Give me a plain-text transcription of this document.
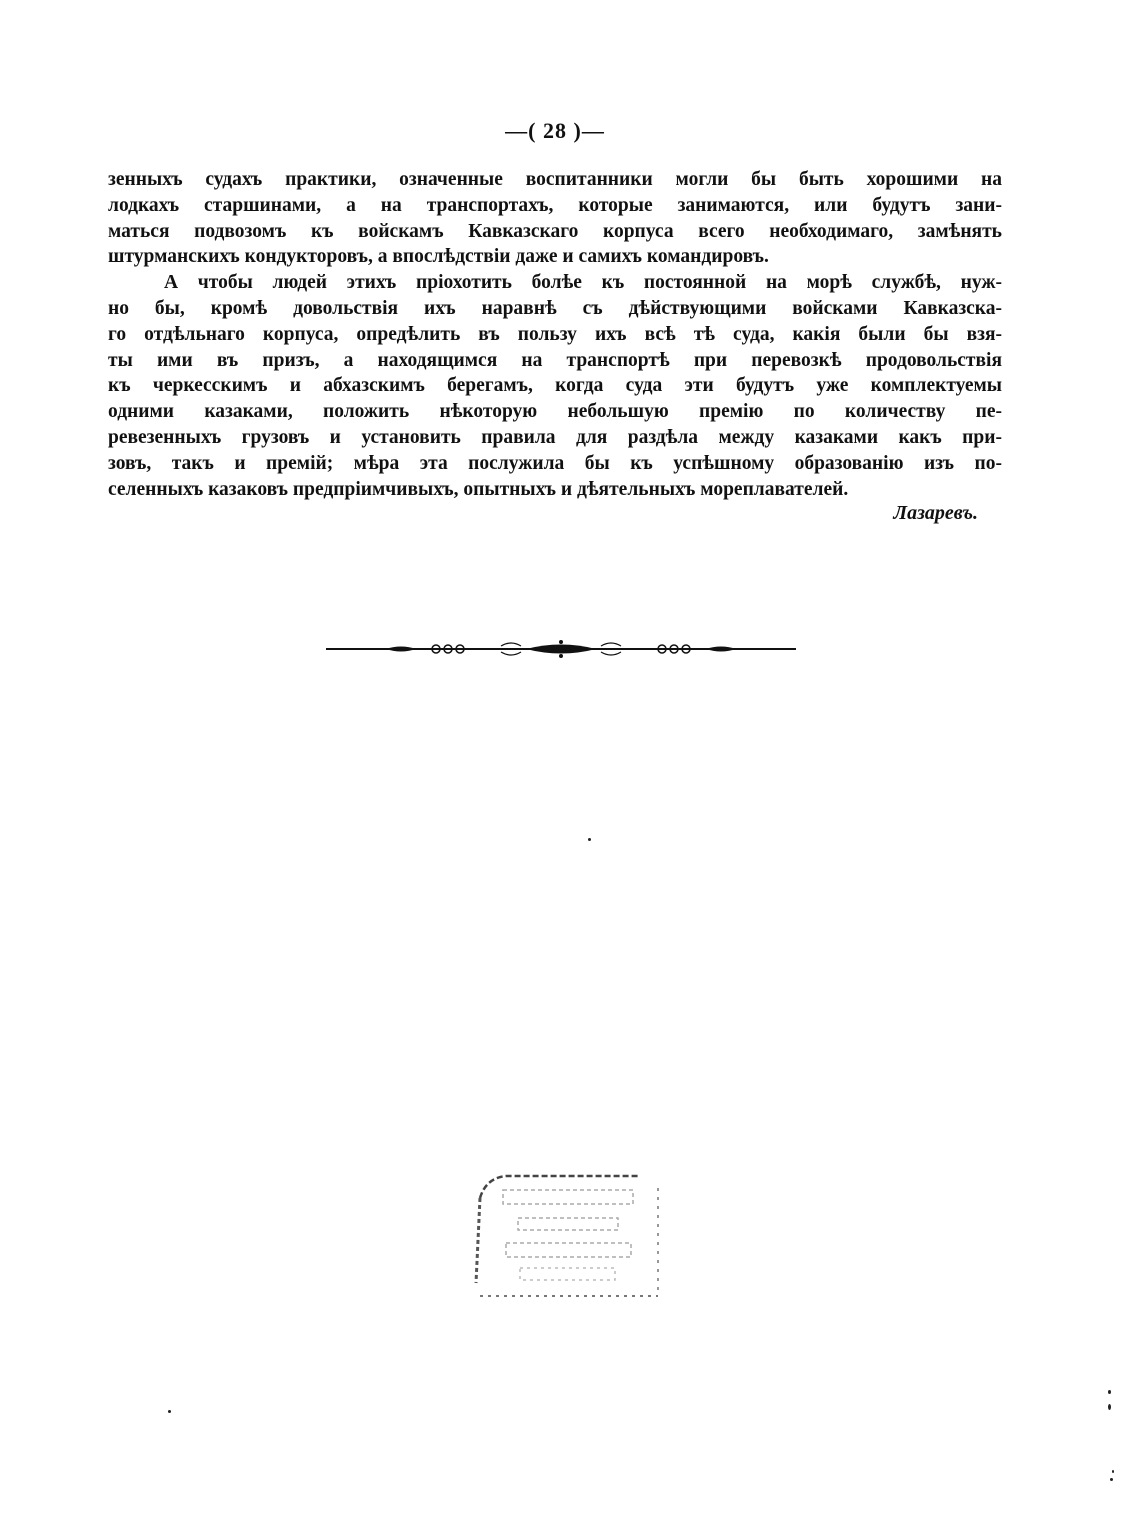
—( 28 )—
зенныхъ судахъ практики, означенные воспитанники могли бы быть хорошими на
лодкахъ старшинами, а на транспортахъ, которые занимаются, или будутъ зани-
маться подвозомъ къ войскамъ Кавказскаго корпуса всего необходимаго, замѣнять
штурманскихъ кондукторовъ, а впослѣдствіи даже и самихъ командировъ.
А чтобы людей этихъ пріохотить болѣе къ постоянной на морѣ службѣ, нуж-
но бы, кромѣ довольствія ихъ наравнѣ съ дѣйствующими войсками Кавказска-
го отдѣльнаго корпуса, опредѣлить въ пользу ихъ всѣ тѣ суда, какія были бы взя-
ты ими въ призъ, а находящимся на транспортѣ при перевозкѣ продовольствія
къ черкесскимъ и абхазскимъ берегамъ, когда суда эти будутъ уже комплектуемы
одними казаками, положить нѣкоторую небольшую премію по количеству пе-
ревезенныхъ грузовъ и установить правила для раздѣла между казаками какъ при-
зовъ, такъ и премій; мѣра эта послужила бы къ успѣшному образованію изъ по-
селенныхъ казаковъ предпріимчивыхъ, опытныхъ и дѣятельныхъ мореплавателей.
Лазаревъ.
